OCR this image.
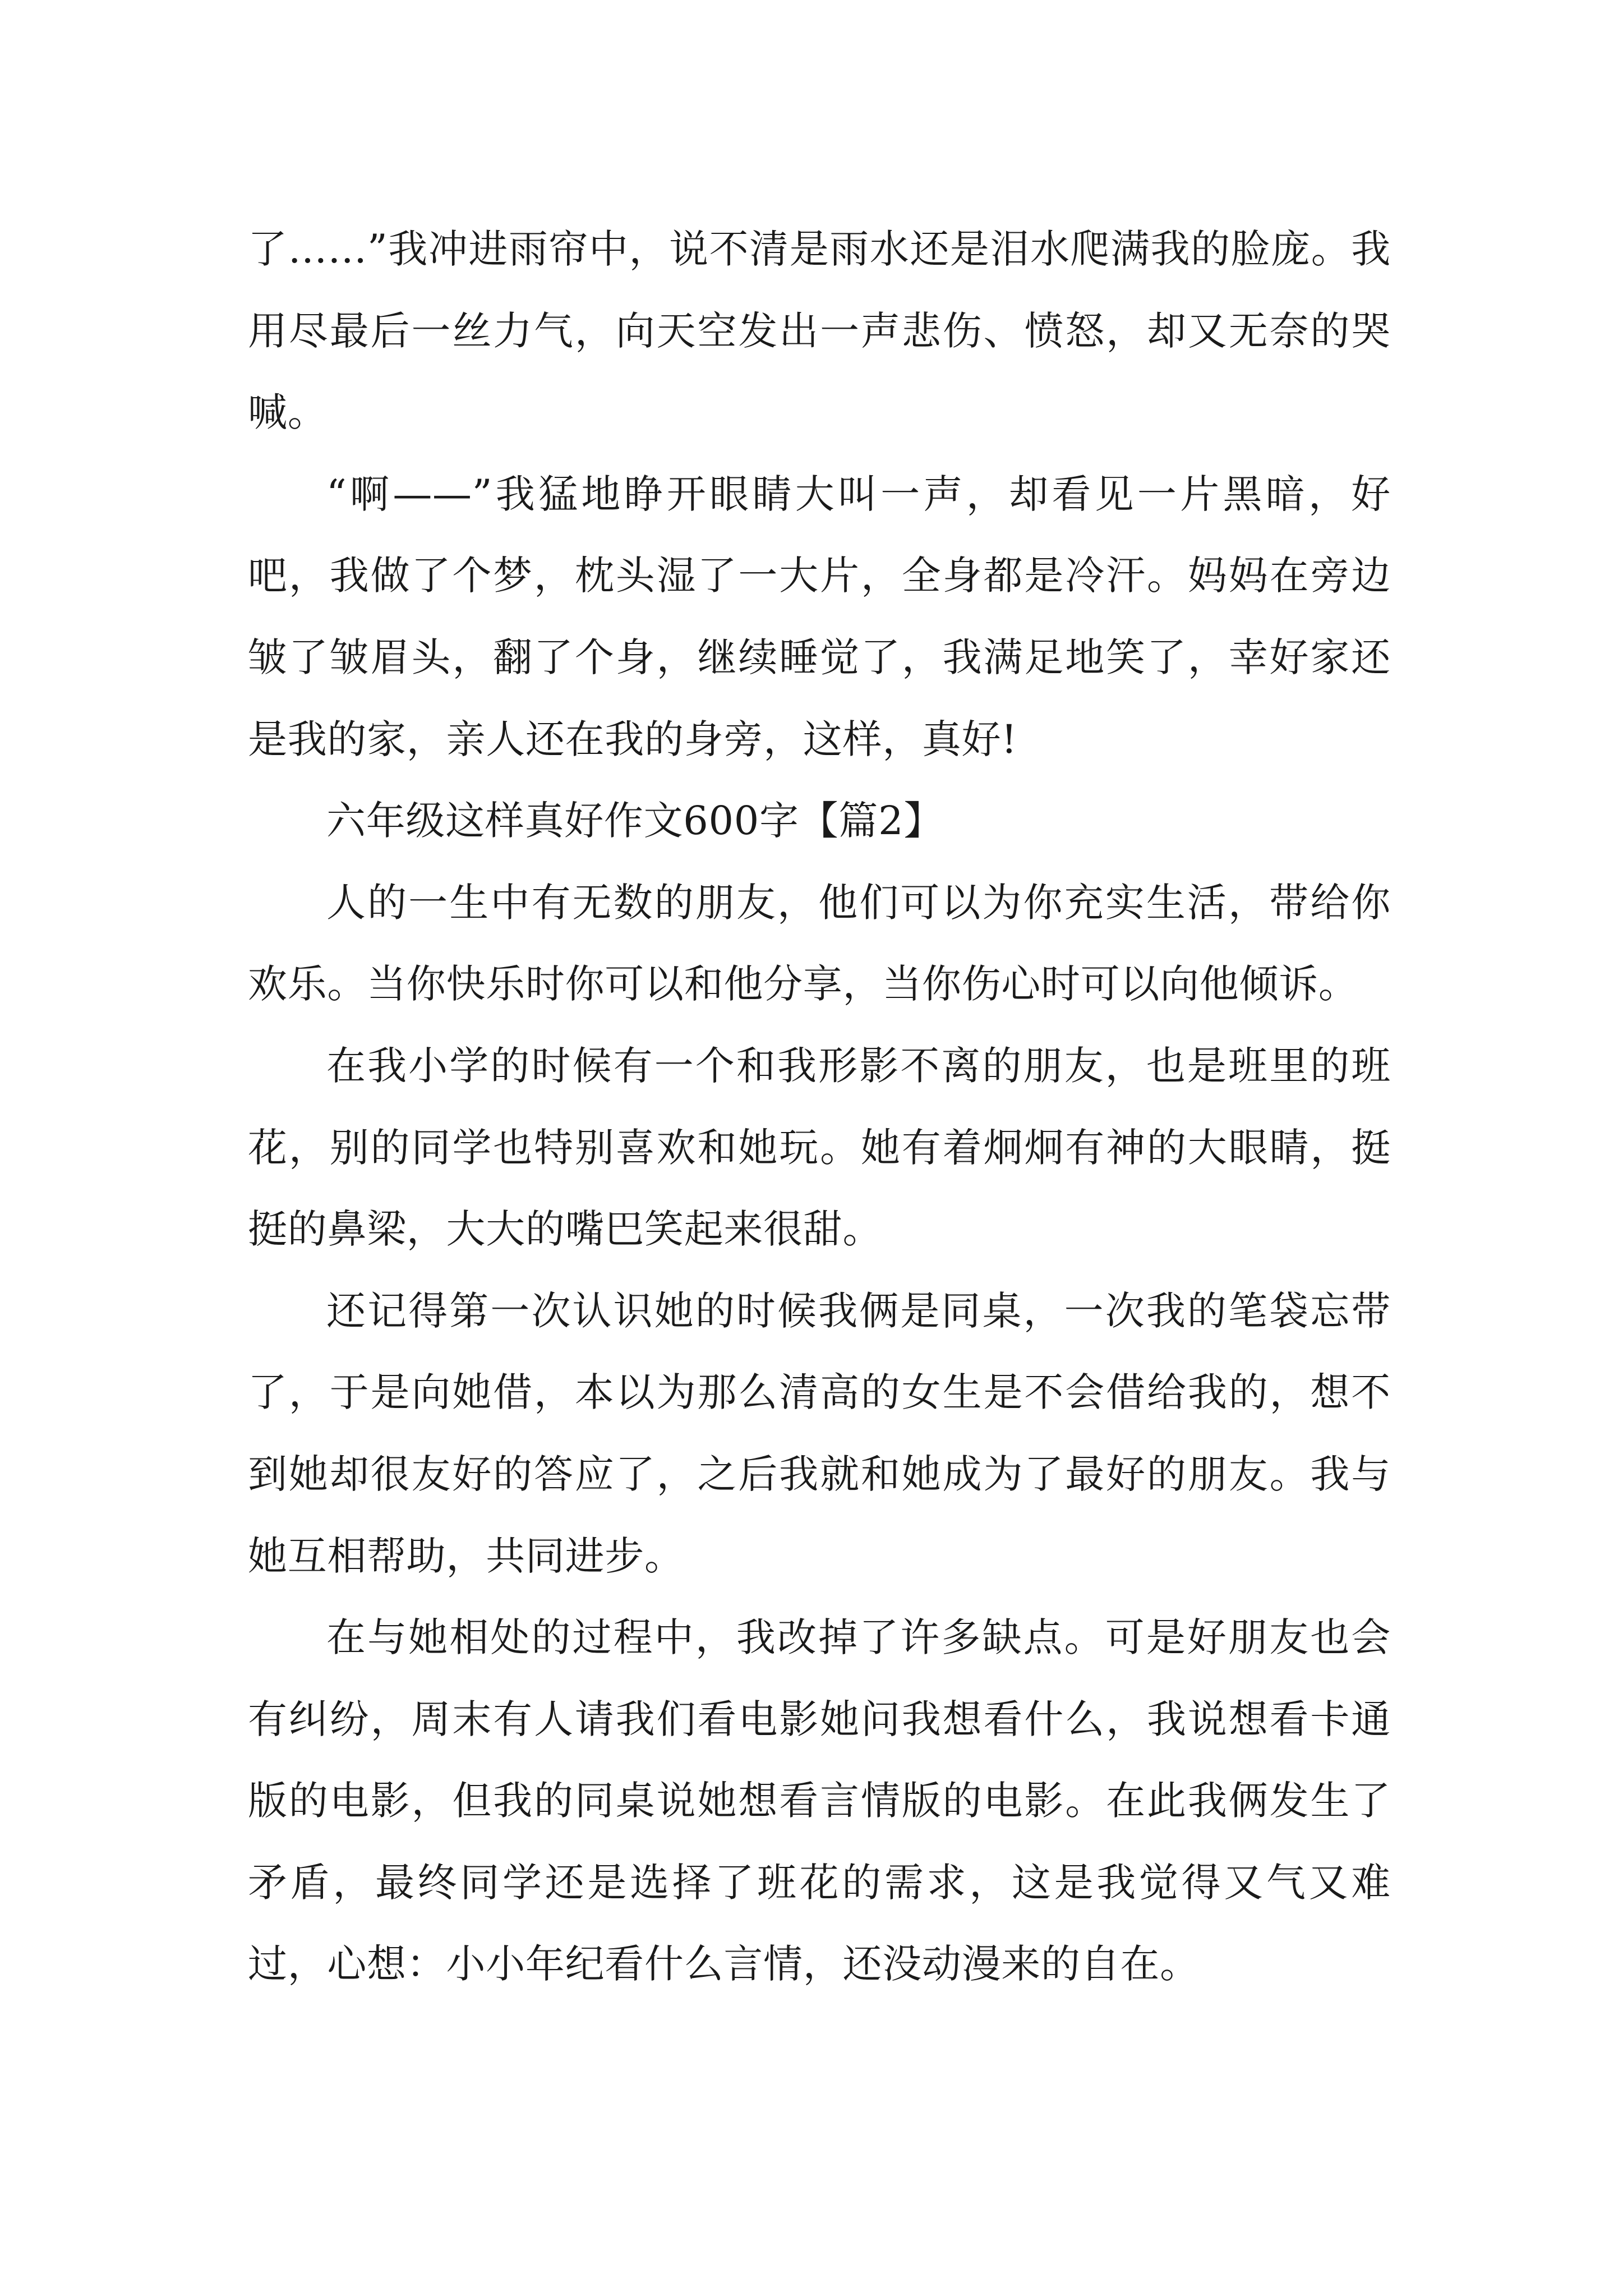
了……”我冲进雨帘中，说不清是雨水还是泪水爬满我的脸庞。我用尽最后一丝力气，向天空发出一声悲伤、愤怒，却又无奈的哭喊。

“啊——”我猛地睁开眼睛大叫一声，却看见一片黑暗，好吧，我做了个梦，枕头湿了一大片，全身都是冷汗。妈妈在旁边皱了皱眉头，翻了个身，继续睡觉了，我满足地笑了，幸好家还是我的家，亲人还在我的身旁，这样，真好!

六年级这样真好作文600字【篇2】

人的一生中有无数的朋友，他们可以为你充实生活，带给你欢乐。当你快乐时你可以和他分享，当你伤心时可以向他倾诉。

在我小学的时候有一个和我形影不离的朋友，也是班里的班花，别的同学也特别喜欢和她玩。她有着炯炯有神的大眼睛，挺挺的鼻梁，大大的嘴巴笑起来很甜。

还记得第一次认识她的时候我俩是同桌，一次我的笔袋忘带了，于是向她借，本以为那么清高的女生是不会借给我的，想不到她却很友好的答应了，之后我就和她成为了最好的朋友。我与她互相帮助，共同进步。

在与她相处的过程中，我改掉了许多缺点。可是好朋友也会有纠纷，周末有人请我们看电影她问我想看什么，我说想看卡通版的电影，但我的同桌说她想看言情版的电影。在此我俩发生了矛盾，最终同学还是选择了班花的需求，这是我觉得又气又难过，心想：小小年纪看什么言情，还没动漫来的自在。
